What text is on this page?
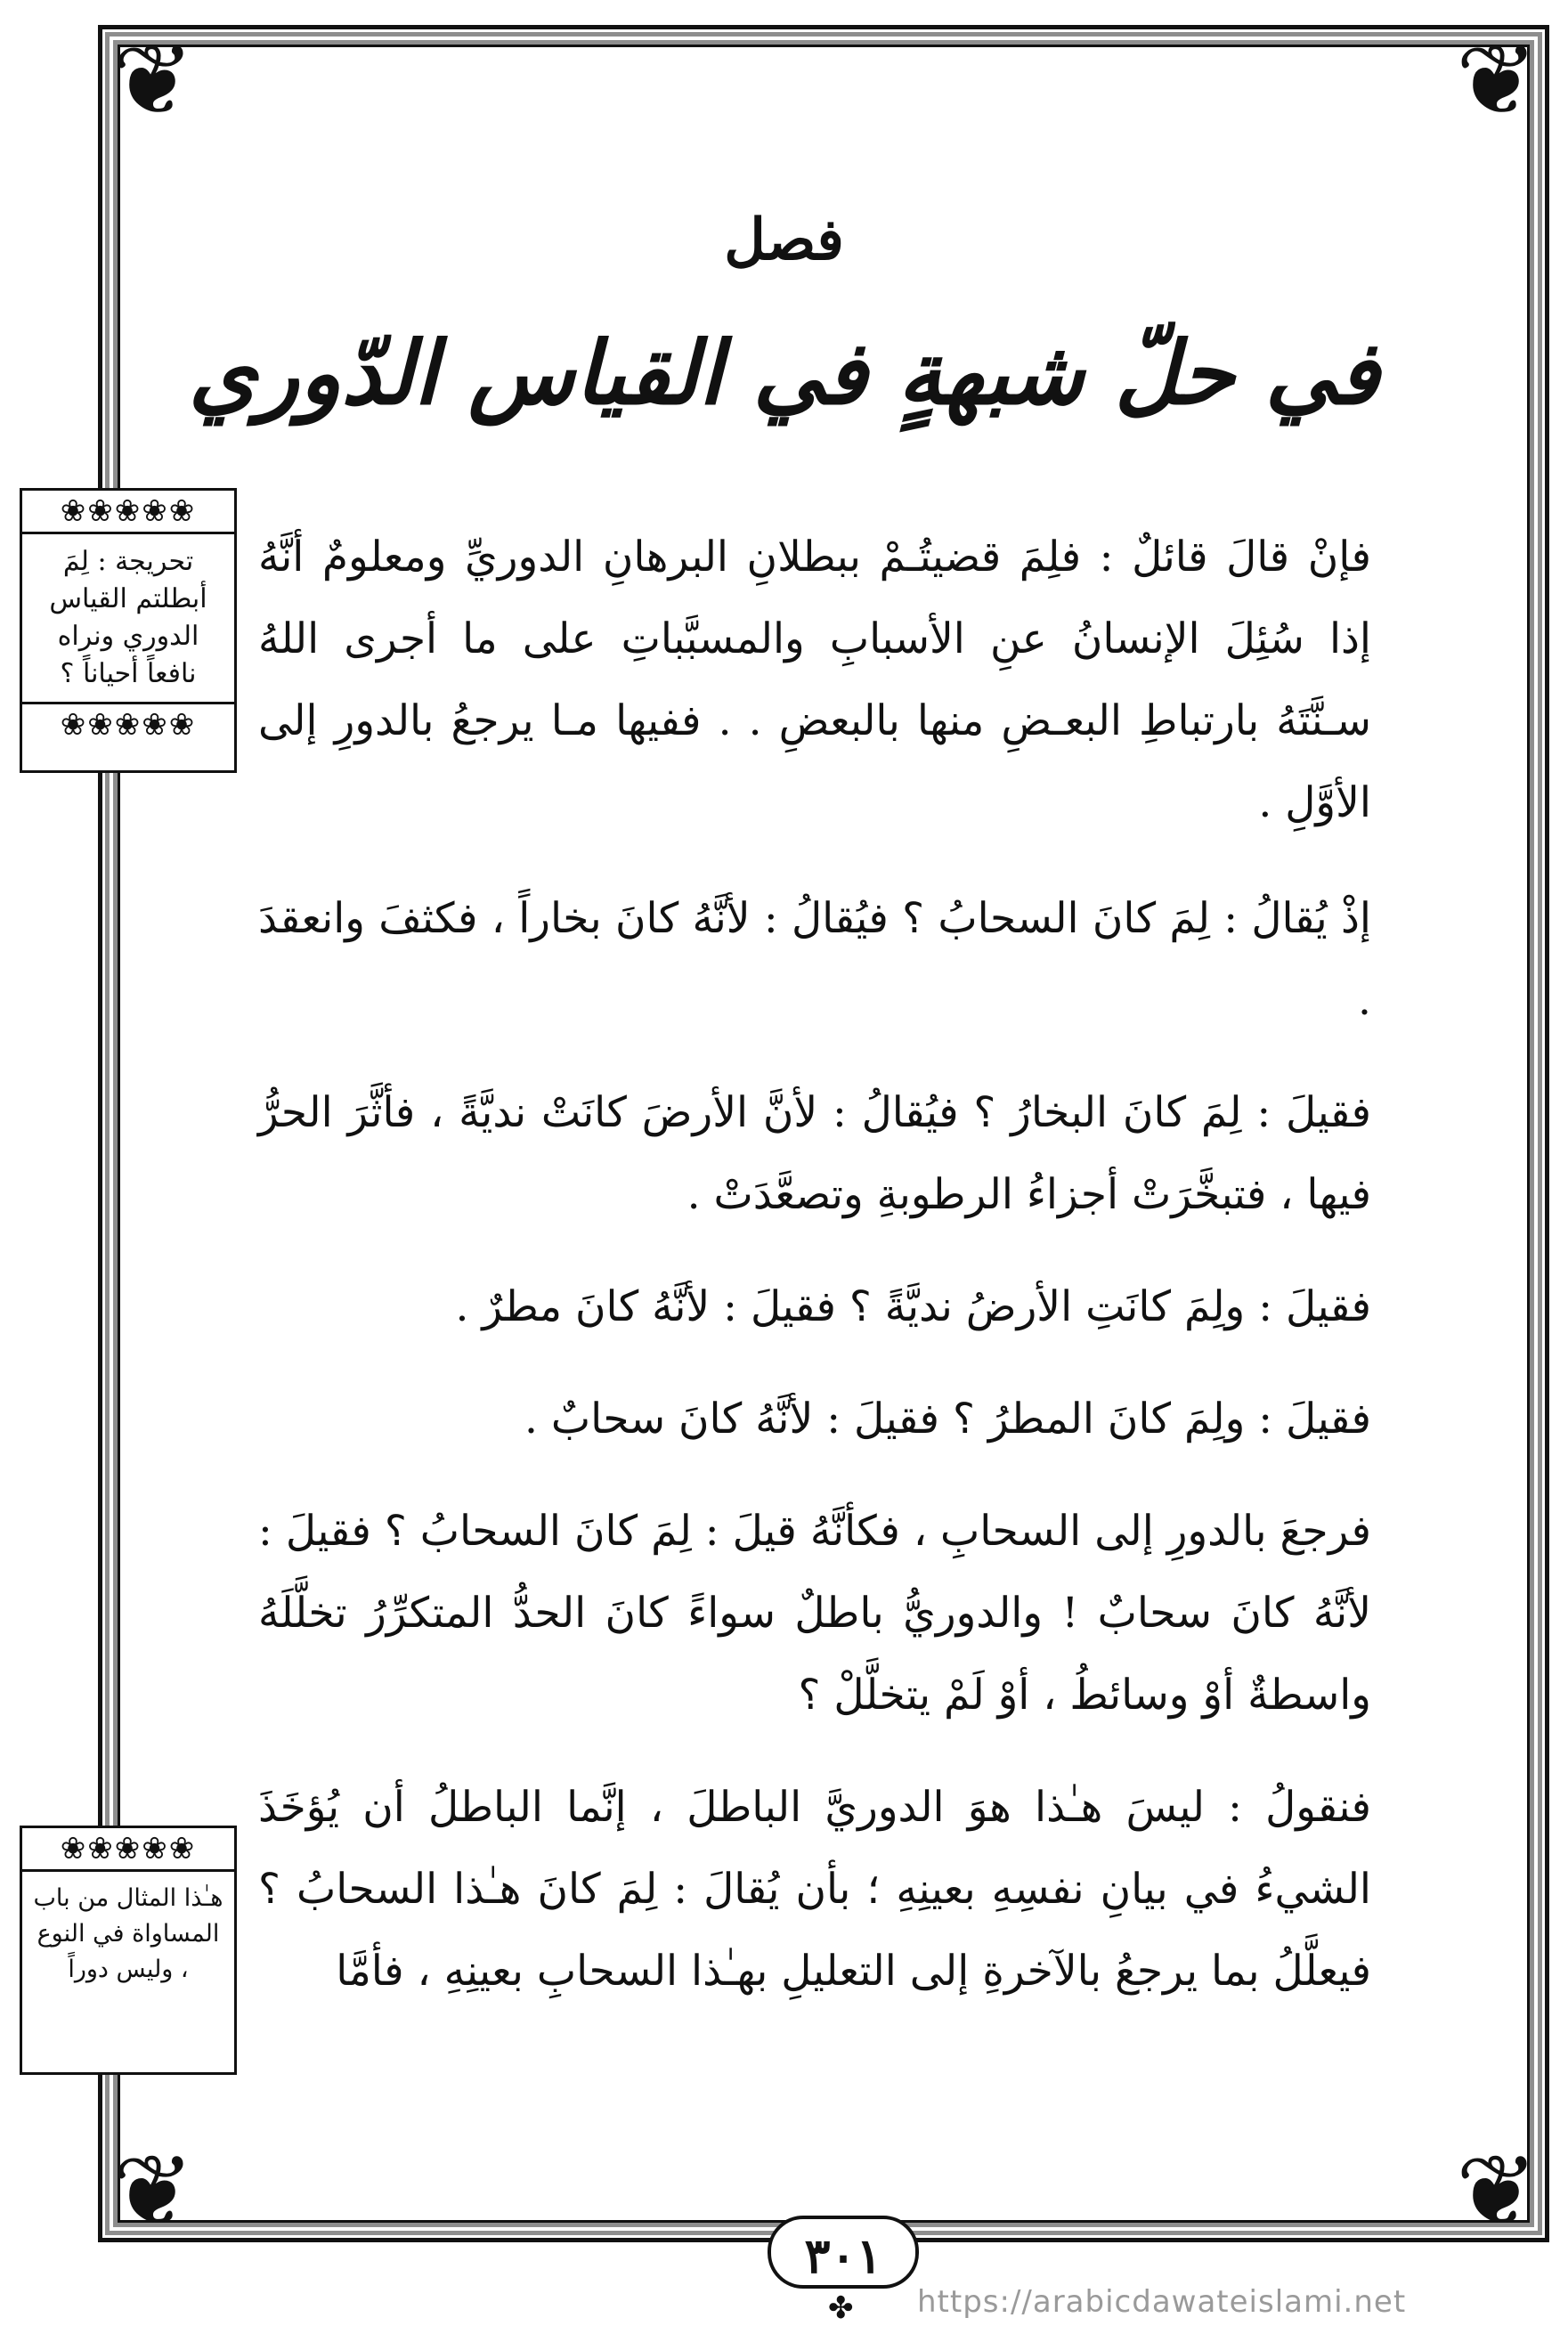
❦	❦
❦	❦
فصل
في حلّ شبهةٍ في القياس الدّوري
❀❀❀❀❀
تحريجة : لِمَ أبطلتم القياس الدوري ونراه نافعاً أحياناً ؟
❀❀❀❀❀
❀❀❀❀❀
هـٰذا المثال من باب المساواة في النوع ، وليس دوراً

فإنْ قالَ قائلٌ : فلِمَ قضيتُـمْ ببطلانِ البرهانِ الدوريِّ ومعلومٌ أنَّهُ إذا سُئِلَ الإنسانُ عنِ الأسبابِ والمسبَّباتِ على ما أجرى اللهُ سـنَّتَهُ بارتباطِ البعـضِ منها بالبعضِ . . ففيها مـا يرجعُ بالدورِ إلى الأوَّلِ .

إذْ يُقالُ : لِمَ كانَ السحابُ ؟ فيُقالُ : لأنَّهُ كانَ بخاراً ، فكثفَ وانعقدَ .

فقيلَ : لِمَ كانَ البخارُ ؟ فيُقالُ : لأنَّ الأرضَ كانَتْ نديَّةً ، فأثَّرَ الحرُّ فيها ، فتبخَّرَتْ أجزاءُ الرطوبةِ وتصعَّدَتْ .

فقيلَ : ولِمَ كانَتِ الأرضُ نديَّةً ؟ فقيلَ : لأنَّهُ كانَ مطرٌ .

فقيلَ : ولِمَ كانَ المطرُ ؟ فقيلَ : لأنَّهُ كانَ سحابٌ .

فرجعَ بالدورِ إلى السحابِ ، فكأنَّهُ قيلَ : لِمَ كانَ السحابُ ؟ فقيلَ : لأنَّهُ كانَ سحابٌ ! والدوريُّ باطلٌ سواءً كانَ الحدُّ المتكرِّرُ تخلَّلَهُ واسطةٌ أوْ وسائطُ ، أوْ لَمْ يتخلَّلْ ؟

فنقولُ : ليسَ هـٰذا هوَ الدوريَّ الباطلَ ، إنَّما الباطلُ أن يُؤخَذَ الشيءُ في بيانِ نفسِهِ بعينِهِ ؛ بأن يُقالَ : لِمَ كانَ هـٰذا السحابُ ؟ فيعلَّلُ بما يرجعُ بالآخرةِ إلى التعليلِ بهـٰذا السحابِ بعينِهِ ، فأمَّا

٣٠١
✤ https://arabicdawateislami.net
